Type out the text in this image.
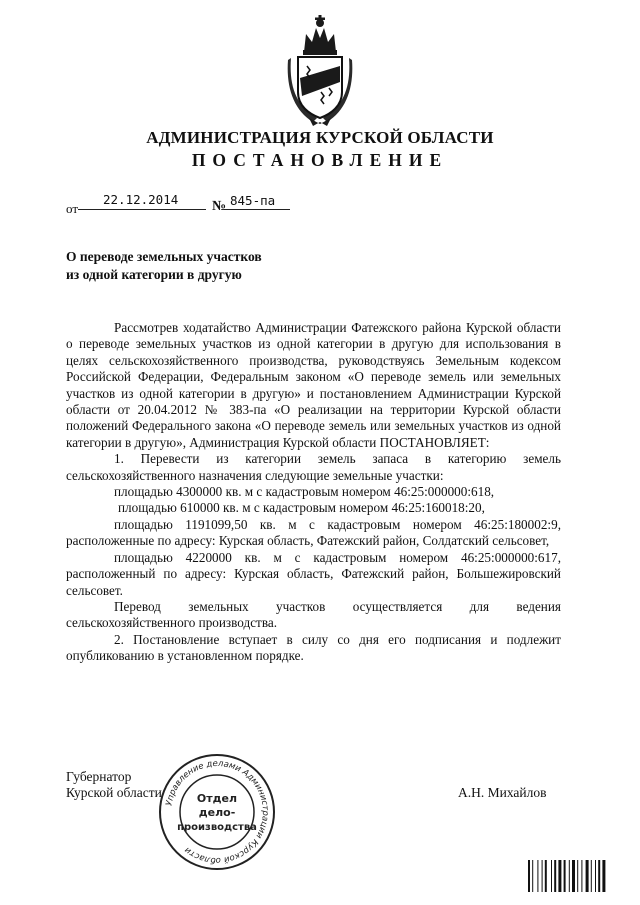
АДМИНИСТРАЦИЯ КУРСКОЙ ОБЛАСТИ
ПОСТАНОВЛЕНИЕ
от
22.12.2014 № 845-па
О переводе земельных участков
из одной категории в другую

Рассмотрев ходатайство Администрации Фатежского района Курской области о переводе земельных участков из одной категории в другую для использования в целях сельскохозяйственного производства, руководствуясь Земельным кодексом Российской Федерации, Федеральным законом «О переводе земель или земельных участков из одной категории в другую» и постановлением Администрации Курской области от 20.04.2012 № 383-па «О реализации на территории Курской области положений Федерального закона «О переводе земель или земельных участков из одной категории в другую», Администрация Курской области ПОСТАНОВЛЯЕТ:

1. Перевести из категории земель запаса в категорию земель сельскохозяйственного назначения следующие земельные участки:

площадью 4300000 кв. м с кадастровым номером 46:25:000000:618,

площадью 610000 кв. м с кадастровым номером 46:25:160018:20,

площадью 1191099,50 кв. м с кадастровым номером 46:25:180002:9, расположенные по адресу: Курская область, Фатежский район, Солдатский сельсовет,

площадью 4220000 кв. м с кадастровым номером 46:25:000000:617, расположенный по адресу: Курская область, Фатежский район, Большежировский сельсовет.

Перевод земельных участков осуществляется для ведения сельскохозяйственного производства.

2. Постановление вступает в силу со дня его подписания и подлежит опубликованию в установленном порядке.

Губернатор
Курской области	А.Н. Михайлов
Управление делами Администрации Курской области
Отдел
дело-
производства
